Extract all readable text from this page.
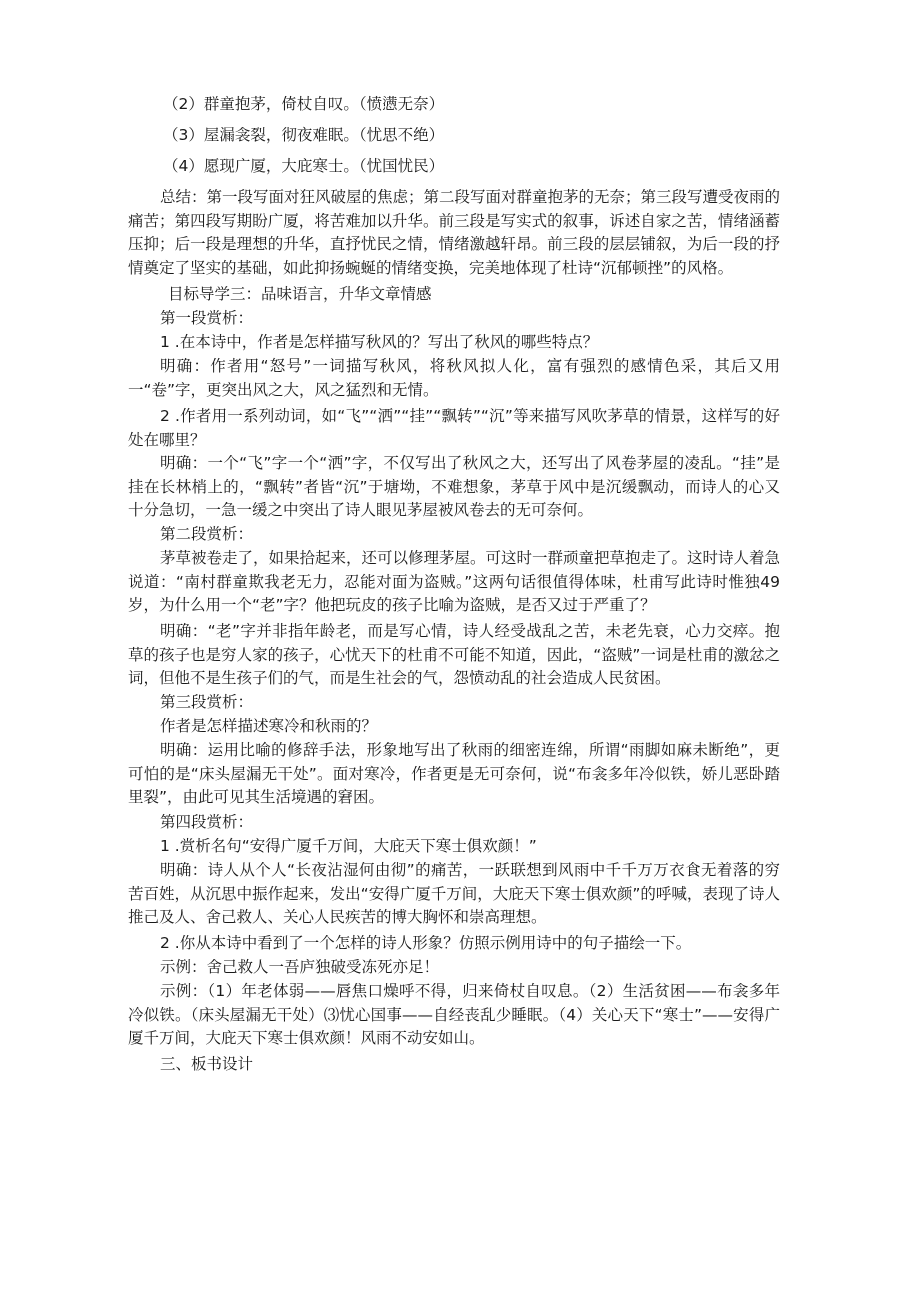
（2）群童抱茅，倚杖自叹。（愤懑无奈）
（3）屋漏衾裂，彻夜难眠。（忧思不绝）
（4）愿现广厦，大庇寒士。（忧国忧民）

总结：第一段写面对狂风破屋的焦虑；第二段写面对群童抱茅的无奈；第三段写遭受夜雨的痛苦；第四段写期盼广厦，将苦难加以升华。前三段是写实式的叙事，诉述自家之苦，情绪涵蓄压抑；后一段是理想的升华，直抒忧民之情，情绪激越轩昂。前三段的层层铺叙，为后一段的抒情奠定了坚实的基础，如此抑扬蜿蜒的情绪变换，完美地体现了杜诗“沉郁顿挫”的风格。

目标导学三：品味语言，升华文章情感
第一段赏析：
1 .在本诗中，作者是怎样描写秋风的？写出了秋风的哪些特点？

明确：作者用“怒号”一词描写秋风，将秋风拟人化，富有强烈的感情色采，其后又用一“卷”字，更突出风之大，风之猛烈和无情。

2 .作者用一系列动词，如“飞”“洒”“挂”“飘转”“沉”等来描写风吹茅草的情景，这样写的好处在哪里？

明确：一个“飞”字一个“洒”字，不仅写出了秋风之大，还写出了风卷茅屋的凌乱。“挂”是挂在长林梢上的，“飘转”者皆“沉”于塘坳，不难想象，茅草于风中是沉缓飘动，而诗人的心又十分急切，一急一缓之中突出了诗人眼见茅屋被风卷去的无可奈何。

第二段赏析：

茅草被卷走了，如果拾起来，还可以修理茅屋。可这时一群顽童把草抱走了。这时诗人着急说道：“南村群童欺我老无力，忍能对面为盗贼。”这两句话很值得体味，杜甫写此诗时惟独49岁，为什么用一个“老”字？他把玩皮的孩子比喻为盗贼，是否又过于严重了？

明确：“老”字并非指年龄老，而是写心情，诗人经受战乱之苦，未老先衰，心力交瘁。抱草的孩子也是穷人家的孩子，心忧天下的杜甫不可能不知道，因此，“盗贼”一词是杜甫的激忿之词，但他不是生孩子们的气，而是生社会的气，怨愤动乱的社会造成人民贫困。

第三段赏析：
作者是怎样描述寒冷和秋雨的？

明确：运用比喻的修辞手法，形象地写出了秋雨的细密连绵，所谓“雨脚如麻未断绝”，更可怕的是“床头屋漏无干处”。面对寒冷，作者更是无可奈何，说“布衾多年冷似铁，娇儿恶卧踏里裂”，由此可见其生活境遇的窘困。

第四段赏析：
1 .赏析名句“安得广厦千万间，大庇天下寒士俱欢颜！”

明确：诗人从个人“长夜沾湿何由彻”的痛苦，一跃联想到风雨中千千万万衣食无着落的穷苦百姓，从沉思中振作起来，发出“安得广厦千万间，大庇天下寒士俱欢颜”的呼喊，表现了诗人推己及人、舍己救人、关心人民疾苦的博大胸怀和崇高理想。

2 .你从本诗中看到了一个怎样的诗人形象？仿照示例用诗中的句子描绘一下。
示例：舍己救人一吾庐独破受冻死亦足！

示例：（1）年老体弱——唇焦口燥呼不得，归来倚杖自叹息。（2）生活贫困——布衾多年冷似铁。（床头屋漏无干处）⑶忧心国事——自经丧乱少睡眠。（4）关心天下“寒士”——安得广厦千万间，大庇天下寒士俱欢颜！风雨不动安如山。

三、板书设计
